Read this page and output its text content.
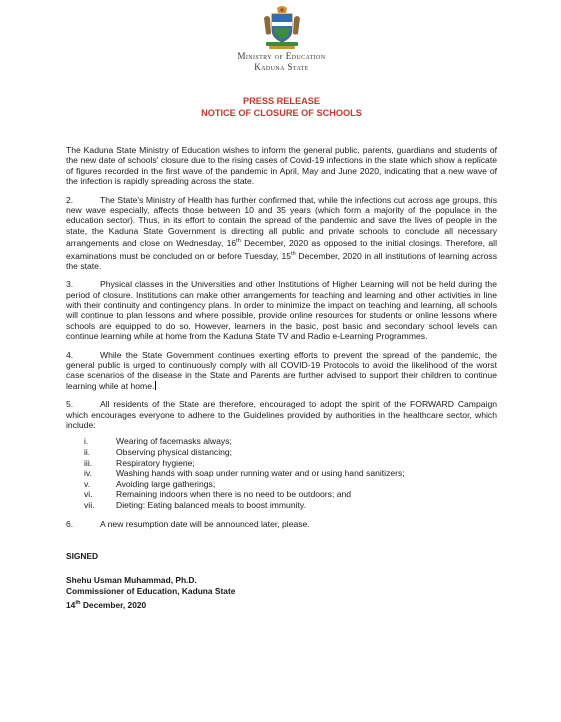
Ministry of Education
Kaduna State
PRESS RELEASE
NOTICE OF CLOSURE OF SCHOOLS

The Kaduna State Ministry of Education wishes to inform the general public, parents, guardians and students of the new date of schools' closure due to the rising cases of Covid-19 infections in the state which show a replicate of figures recorded in the first wave of the pandemic in April, May and June 2020, indicating that a new wave of the infection is rapidly spreading across the state.

2.	The State's Ministry of Health has further confirmed that, while the infections cut across age groups, this new wave especially, affects those between 10 and 35 years (which form a majority of the populace in the education sector). Thus, in its effort to contain the spread of the pandemic and save the lives of people in the state, the Kaduna State Government is directing all public and private schools to conclude all necessary arrangements and close on Wednesday, 16th December, 2020 as opposed to the initial closings. Therefore, all examinations must be concluded on or before Tuesday, 15th December, 2020 in all institutions of learning across the state.

3.	Physical classes in the Universities and other Institutions of Higher Learning will not be held during the period of closure. Institutions can make other arrangements for teaching and learning and other activities in line with their continuity and contingency plans. In order to minimize the impact on teaching and learning, all schools will continue to plan lessons and where possible, provide online resources for students or online lessons where schools are equipped to do so. However, learners in the basic, post basic and secondary school levels can continue learning while at home from the Kaduna State TV and Radio e-Learning Programmes.

4.	While the State Government continues exerting efforts to prevent the spread of the pandemic, the general public is urged to continuously comply with all COVID-19 Protocols to avoid the likelihood of the worst case scenarios of the disease in the State and Parents are further advised to support their children to continue learning while at home.

5.	All residents of the State are therefore, encouraged to adopt the spirit of the FORWARD Campaign which encourages everyone to adhere to the Guidelines provided by authorities in the healthcare sector, which include:

i.	Wearing of facemasks always;
ii.	Observing physical distancing;
iii.	Respiratory hygiene;
iv.	Washing hands with soap under running water and or using hand sanitizers;
v.	Avoiding large gatherings;
vi.	Remaining indoors when there is no need to be outdoors; and
vii.	Dieting: Eating balanced meals to boost immunity.

6.	A new resumption date will be announced later, please.

SIGNED
Shehu Usman Muhammad, Ph.D.
Commissioner of Education, Kaduna State
14th December, 2020
